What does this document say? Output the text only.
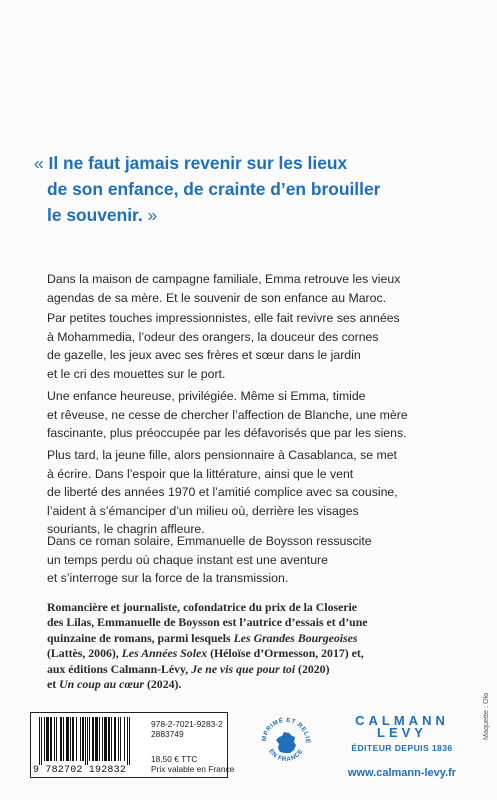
« Il ne faut jamais revenir sur les lieux
de son enfance, de crainte d’en brouiller
le souvenir. »
Dans la maison de campagne familiale, Emma retrouve les vieux
agendas de sa mère. Et le souvenir de son enfance au Maroc.
Par petites touches impressionnistes, elle fait revivre ses années
à Mohammedia, l’odeur des orangers, la douceur des cornes
de gazelle, les jeux avec ses frères et sœur dans le jardin
et le cri des mouettes sur le port.
Une enfance heureuse, privilégiée. Même si Emma, timide
et rêveuse, ne cesse de chercher l’affection de Blanche, une mère
fascinante, plus préoccupée par les défavorisés que par les siens.
Plus tard, la jeune fille, alors pensionnaire à Casablanca, se met
à écrire. Dans l’espoir que la littérature, ainsi que le vent
de liberté des années 1970 et l’amitié complice avec sa cousine,
l’aident à s’émanciper d’un milieu où, derrière les visages
souriants, le chagrin affleure.
Dans ce roman solaire, Emmanuelle de Boysson ressuscite
un temps perdu où chaque instant est une aventure
et s’interroge sur la force de la transmission.
Romancière et journaliste, cofondatrice du prix de la Closerie
des Lilas, Emmanuelle de Boysson est l’autrice d’essais et d’une
quinzaine de romans, parmi lesquels Les Grandes Bourgeoises
(Lattès, 2006), Les Années Solex (Héloïse d’Ormesson, 2017) et,
aux éditions Calmann-Lévy, Je ne vis que pour toi (2020)
et Un coup au cœur (2024).
9 782702 192832
978-2-7021-9283-2
2883749
18,50 € TTC
Prix valable en France
MPRIMÉ ET RELIÉ
EN FRANCE
CALMANN
LEVY
ÉDITEUR DEPUIS 1836
www.calmann-levy.fr
Maquette : Olo
